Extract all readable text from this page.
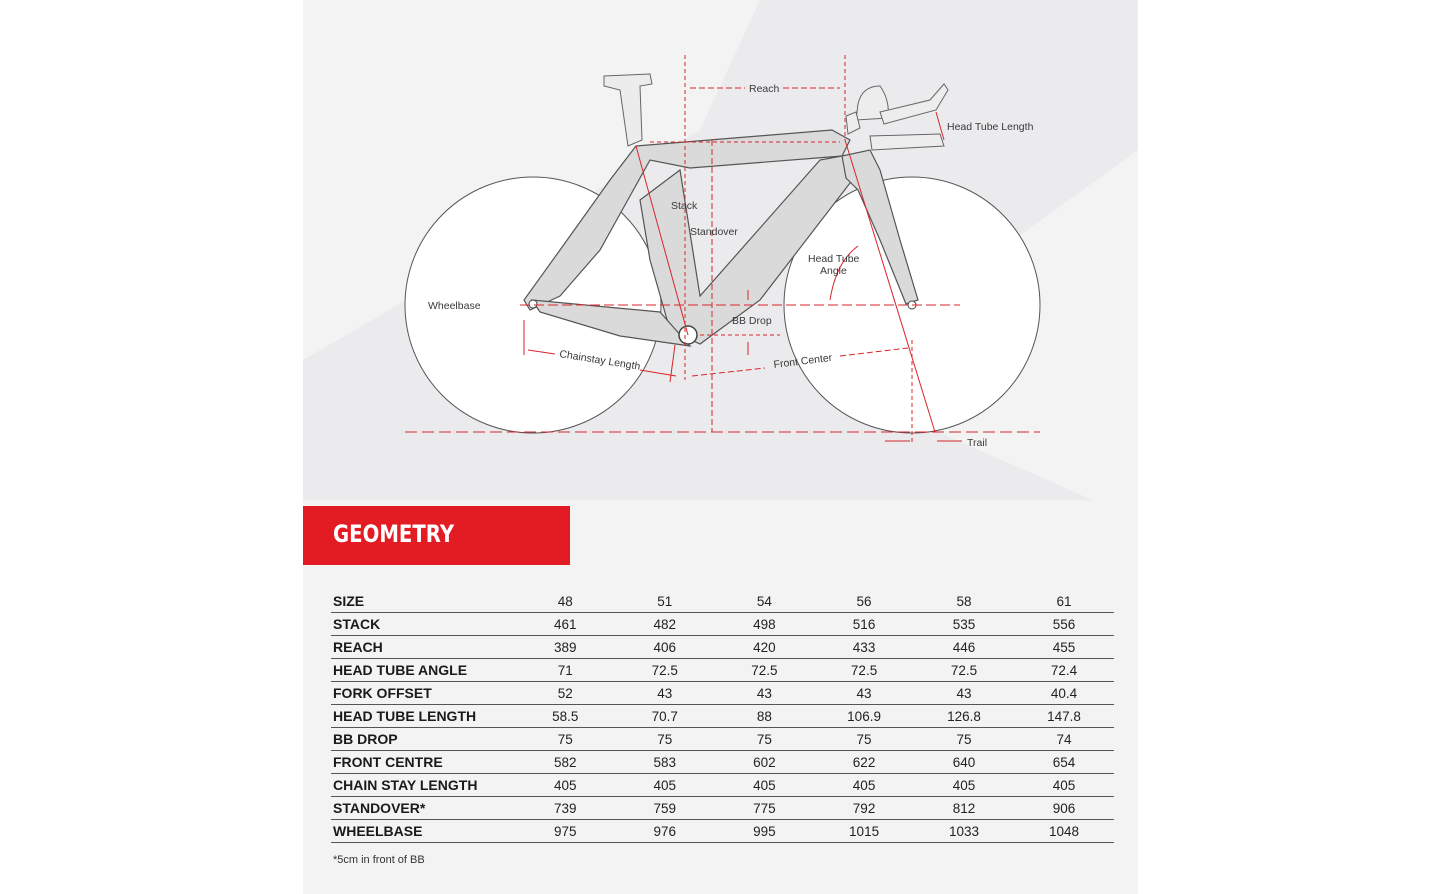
Reach
Head Tube Length
Stack
Standover
Head Tube
Angle
Wheelbase
BB Drop
Chainstay Length	Front Center
Trail
GEOMETRY
SIZE	48	51	54	56	58	61
STACK	461	482	498	516	535	556
REACH	389	406	420	433	446	455
HEAD TUBE ANGLE	71	72.5	72.5	72.5	72.5	72.4
FORK OFFSET	52	43	43	43	43	40.4
HEAD TUBE LENGTH	58.5	70.7	88	106.9	126.8	147.8
BB DROP	75	75	75	75	75	74
FRONT CENTRE	582	583	602	622	640	654
CHAIN STAY LENGTH	405	405	405	405	405	405
STANDOVER*	739	759	775	792	812	906
WHEELBASE	975	976	995	1015	1033	1048
*5cm in front of BB
